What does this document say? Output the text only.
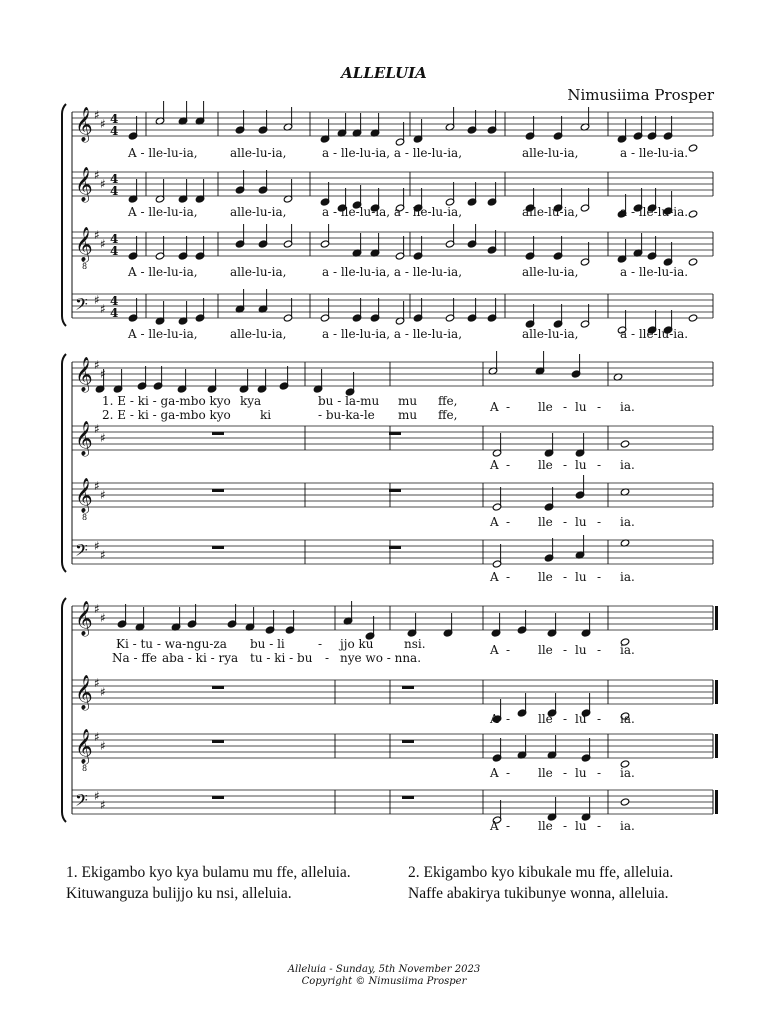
ALLELUIA
Nimusiima Prosper
𝄞 ♯
♯ 4
4
𝄞 ♯
♯ 4
4
𝄞
8
♯
♯ 4
4
𝄢 ♯
♯
4
4
𝄞 ♯
♯
𝄞 ♯
♯
𝄞
8
♯
♯
𝄢 ♯
♯
𝄞 ♯
♯
𝄞 ♯
♯
𝄞
8
♯
♯
𝄢 ♯
♯
A - lle-lu-ia,	alle-lu-ia,	a - lle-lu-ia, a - lle-lu-ia,	alle-lu-ia,	a - lle-lu-ia.
A - lle-lu-ia,	alle-lu-ia,	a - lle-lu-ia, a - lle-lu-ia,	alle-lu-ia,	a - lle-lu-ia.
A - lle-lu-ia,	alle-lu-ia,	a - lle-lu-ia, a - lle-lu-ia,	alle-lu-ia,	a - lle-lu-ia.
A - lle-lu-ia,	alle-lu-ia,	a - lle-lu-ia, a - lle-lu-ia,	alle-lu-ia,	a - lle-lu-ia.
1. E - ki - ga-mbo kyo kya	bu - la-mu mu ffe,
2. E - ki - ga-mbo kyo ki	- bu-ka-le mu ffe,
A - lle - lu - ia.
A - lle - lu - ia.
A - lle - lu - ia.
A - lle - lu - ia.
Ki - tu - wa-ngu-za bu - li	- jjo ku	nsi.
Na - ffe aba - ki - rya tu - ki - bu - nye wo - nna.
A - lle - lu - ia.
A - lle - lu - ia.
A - lle - lu - ia.
A - lle - lu - ia.
1. Ekigambo kyo kya bulamu mu ffe, alleluia.
Kituwanguza bulijjo ku nsi, alleluia.
2. Ekigambo kyo kibukale mu ffe, alleluia.
Naffe abakirya tukibunye wonna, alleluia.
Alleluia - Sunday, 5th November 2023
Copyright © Nimusiima Prosper
